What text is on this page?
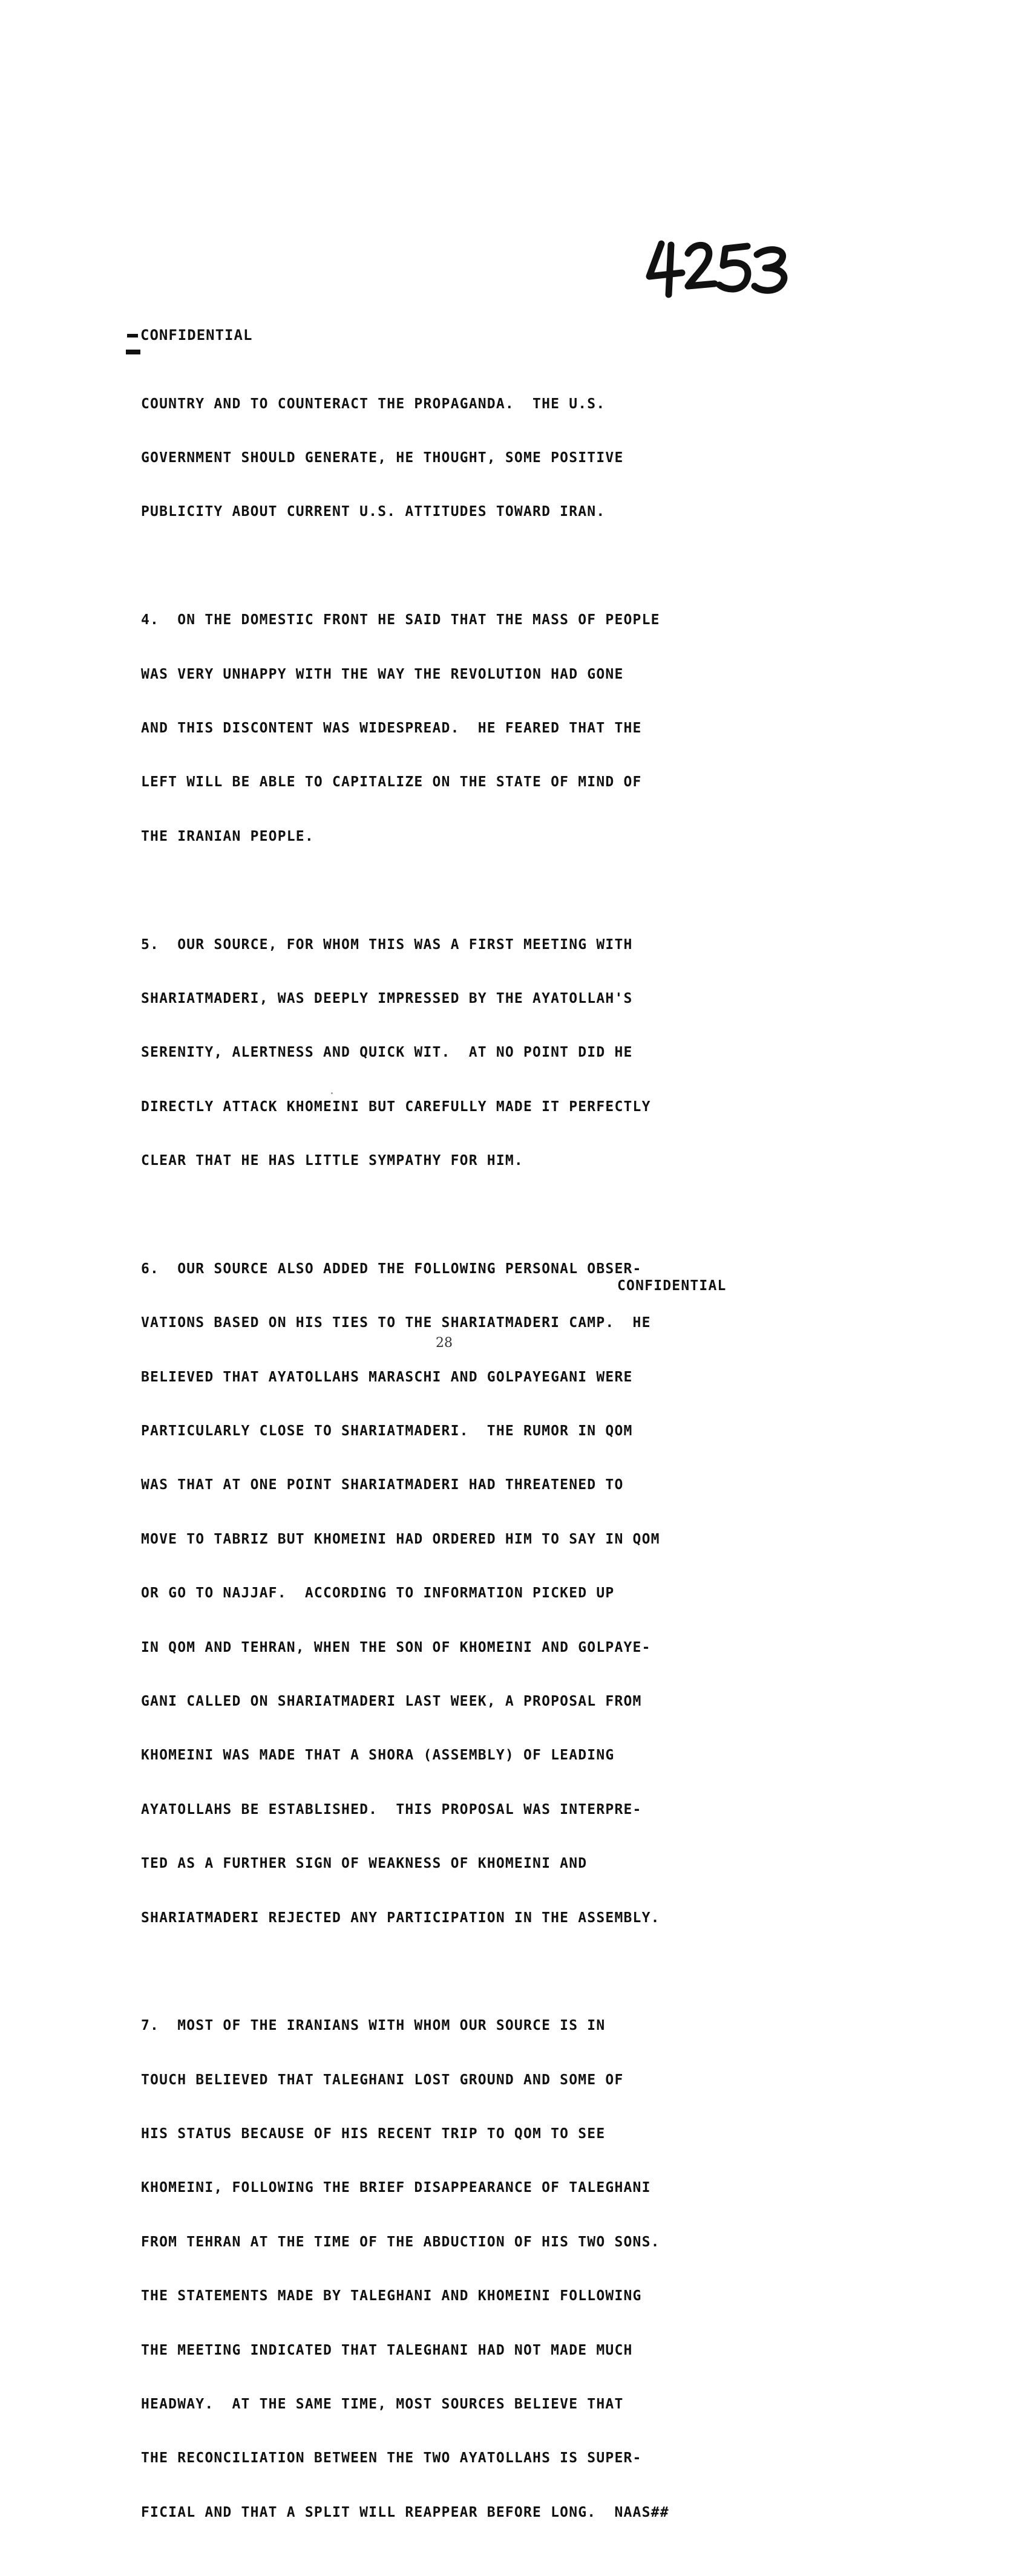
CONFIDENTIAL

COUNTRY AND TO COUNTERACT THE PROPAGANDA.  THE U.S.

GOVERNMENT SHOULD GENERATE, HE THOUGHT, SOME POSITIVE

PUBLICITY ABOUT CURRENT U.S. ATTITUDES TOWARD IRAN.

4.  ON THE DOMESTIC FRONT HE SAID THAT THE MASS OF PEOPLE

WAS VERY UNHAPPY WITH THE WAY THE REVOLUTION HAD GONE

AND THIS DISCONTENT WAS WIDESPREAD.  HE FEARED THAT THE

LEFT WILL BE ABLE TO CAPITALIZE ON THE STATE OF MIND OF

THE IRANIAN PEOPLE.

5.  OUR SOURCE, FOR WHOM THIS WAS A FIRST MEETING WITH

SHARIATMADERI, WAS DEEPLY IMPRESSED BY THE AYATOLLAH'S

SERENITY, ALERTNESS AND QUICK WIT.  AT NO POINT DID HE

DIRECTLY ATTACK KHOMEINI BUT CAREFULLY MADE IT PERFECTLY

CLEAR THAT HE HAS LITTLE SYMPATHY FOR HIM.

6.  OUR SOURCE ALSO ADDED THE FOLLOWING PERSONAL OBSER-

VATIONS BASED ON HIS TIES TO THE SHARIATMADERI CAMP.  HE

BELIEVED THAT AYATOLLAHS MARASCHI AND GOLPAYEGANI WERE

PARTICULARLY CLOSE TO SHARIATMADERI.  THE RUMOR IN QOM

WAS THAT AT ONE POINT SHARIATMADERI HAD THREATENED TO

MOVE TO TABRIZ BUT KHOMEINI HAD ORDERED HIM TO SAY IN QOM

OR GO TO NAJJAF.  ACCORDING TO INFORMATION PICKED UP

IN QOM AND TEHRAN, WHEN THE SON OF KHOMEINI AND GOLPAYE-

GANI CALLED ON SHARIATMADERI LAST WEEK, A PROPOSAL FROM

KHOMEINI WAS MADE THAT A SHORA (ASSEMBLY) OF LEADING

AYATOLLAHS BE ESTABLISHED.  THIS PROPOSAL WAS INTERPRE-

TED AS A FURTHER SIGN OF WEAKNESS OF KHOMEINI AND

SHARIATMADERI REJECTED ANY PARTICIPATION IN THE ASSEMBLY.

7.  MOST OF THE IRANIANS WITH WHOM OUR SOURCE IS IN

TOUCH BELIEVED THAT TALEGHANI LOST GROUND AND SOME OF

HIS STATUS BECAUSE OF HIS RECENT TRIP TO QOM TO SEE

KHOMEINI, FOLLOWING THE BRIEF DISAPPEARANCE OF TALEGHANI

FROM TEHRAN AT THE TIME OF THE ABDUCTION OF HIS TWO SONS.

THE STATEMENTS MADE BY TALEGHANI AND KHOMEINI FOLLOWING

THE MEETING INDICATED THAT TALEGHANI HAD NOT MADE MUCH

HEADWAY.  AT THE SAME TIME, MOST SOURCES BELIEVE THAT

THE RECONCILIATION BETWEEN THE TWO AYATOLLAHS IS SUPER-

FICIAL AND THAT A SPLIT WILL REAPPEAR BEFORE LONG.  NAAS##

CONFIDENTIAL
28
